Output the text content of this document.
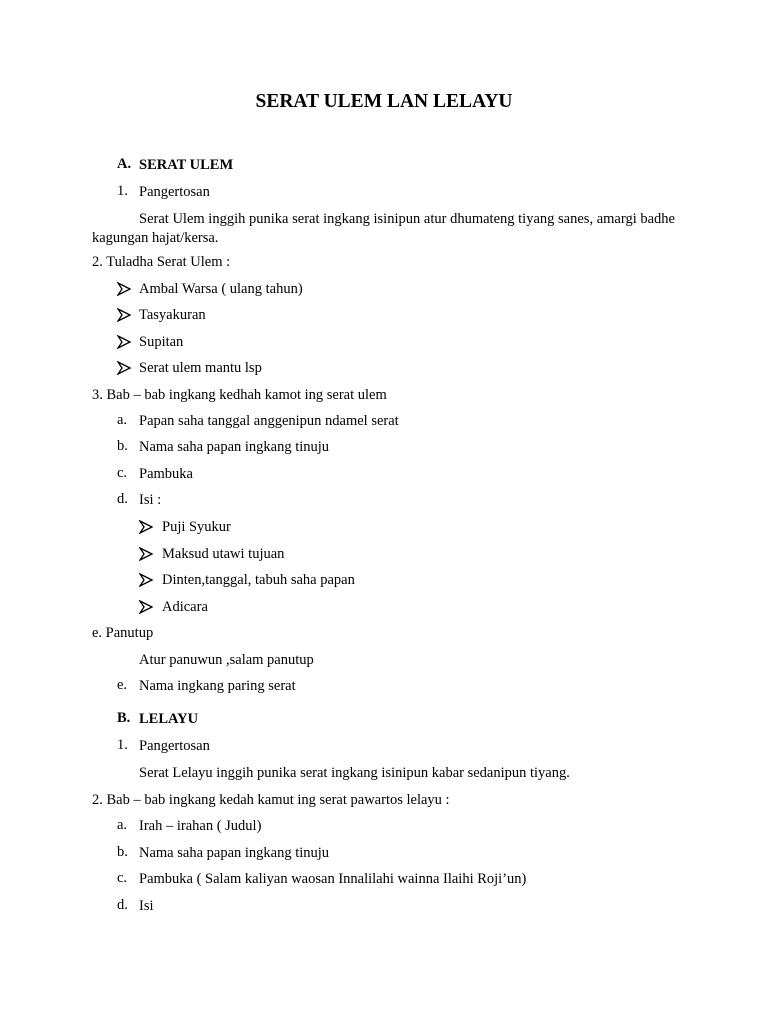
SERAT ULEM LAN LELAYU
A. SERAT ULEM
1. Pangertosan
Serat Ulem inggih punika serat ingkang isinipun atur dhumateng tiyang sanes, amargi badhe kagungan hajat/kersa.
2. Tuladha Serat Ulem :
Ambal Warsa ( ulang tahun)
Tasyakuran
Supitan
Serat ulem mantu lsp
3. Bab – bab ingkang kedhah kamot ing serat ulem
a. Papan saha tanggal anggenipun ndamel serat
b. Nama saha papan ingkang tinuju
c. Pambuka
d. Isi :
Puji Syukur
Maksud utawi tujuan
Dinten,tanggal, tabuh saha papan
Adicara
e. Panutup
Atur panuwun ,salam panutup
e. Nama ingkang paring serat
B. LELAYU
1. Pangertosan
Serat Lelayu inggih punika serat ingkang isinipun kabar sedanipun tiyang.
2. Bab – bab ingkang kedah kamut ing serat pawartos lelayu :
a. Irah – irahan ( Judul)
b. Nama saha papan ingkang tinuju
c. Pambuka ( Salam kaliyan waosan Innalilahi wainna Ilaihi Roji’un)
d. Isi
